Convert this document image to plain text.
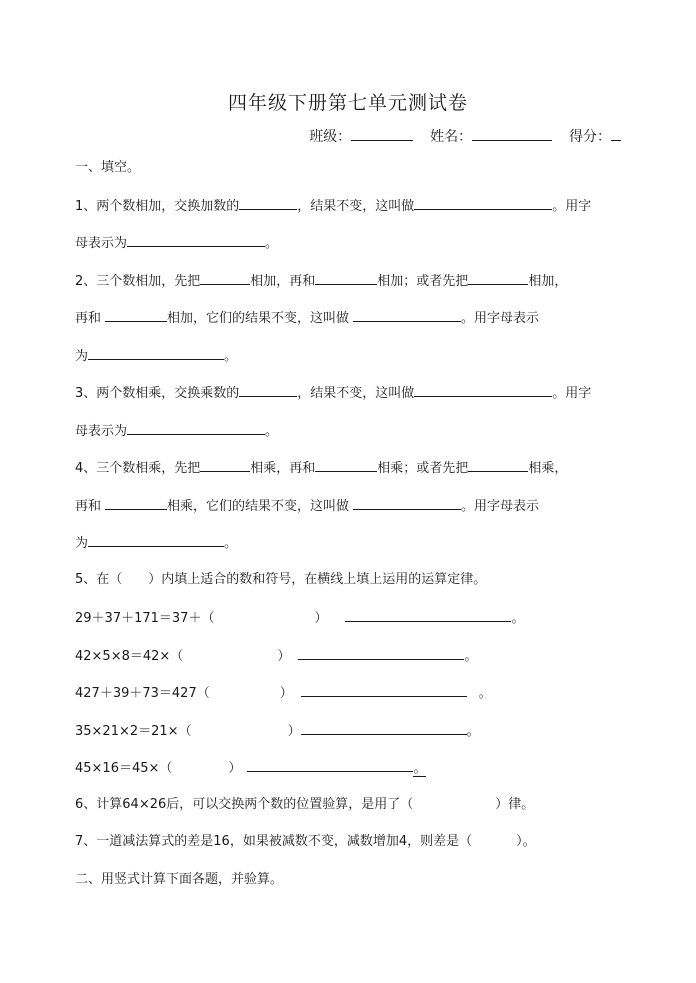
四年级下册第七单元测试卷
班级：	姓名：	得分：
一、填空。
1、两个数相加，交换加数的	，结果不变，这叫做	。用字
母表示为	。
2、三个数相加，先把	相加，再和	相加；或者先把	相加，
再和	相加，它们的结果不变，这叫做	。用字母表示
为	。
3、两个数相乘，交换乘数的	，结果不变，这叫做	。用字
母表示为	。
4、三个数相乘，先把	相乘，再和	相乘；或者先把	相乘，
再和	相乘，它们的结果不变，这叫做	。用字母表示
为	。
5、在（ ）内填上适合的数和符号，在横线上填上运用的运算定律。
29＋37＋171＝37＋（	）	。
42×5×8＝42×（	）	。
427＋39＋73＝427（	）	。
35×21×2＝21×（	）	。
45×16＝45×（	）	。
6、计算64×26后，可以交换两个数的位置验算，是用了（	）律。
7、一道减法算式的差是16，如果被减数不变，减数增加4，则差是（	）。
二、用竖式计算下面各题，并验算。
